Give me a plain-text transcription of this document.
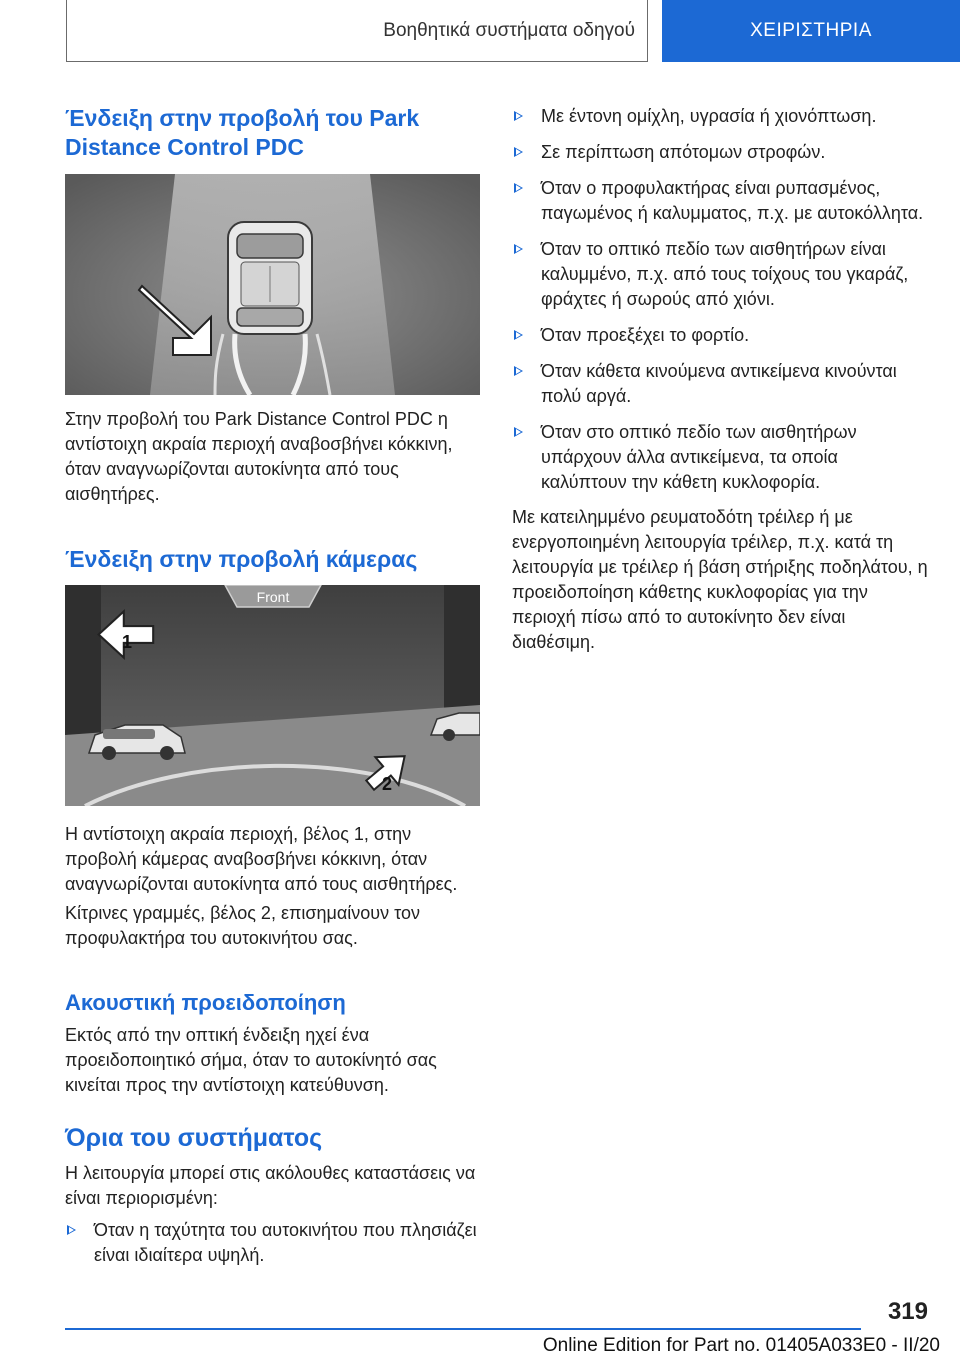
Βοηθητικά συστήματα οδηγού	ΧΕΙΡΙΣΤΗΡΙΑ
Ένδειξη στην προβολή του Park Distance Control PDC

Στην προβολή του Park Distance Control PDC η αντίστοιχη ακραία περιοχή αναβοσβήνει κόκκινη, όταν αναγνωρίζονται αυτοκίνητα από τους αισθητήρες.

Ένδειξη στην προβολή κάμερας
Front
1
2

Η αντίστοιχη ακραία περιοχή, βέλος 1, στην προβολή κάμερας αναβοσβήνει κόκκινη, όταν αναγνωρίζονται αυτοκίνητα από τους αισθητήρες.

Κίτρινες γραμμές, βέλος 2, επισημαίνουν τον προφυλακτήρα του αυτοκινήτου σας.

Ακουστική προειδοποίηση

Εκτός από την οπτική ένδειξη ηχεί ένα προειδοποιητικό σήμα, όταν το αυτοκίνητό σας κινείται προς την αντίστοιχη κατεύθυνση.

Όρια του συστήματος

Η λειτουργία μπορεί στις ακόλουθες καταστάσεις να είναι περιορισμένη:

Όταν η ταχύτητα του αυτοκινήτου που πλησιάζει είναι ιδιαίτερα υψηλή.
Με έντονη ομίχλη, υγρασία ή χιονόπτωση.
Σε περίπτωση απότομων στροφών.
Όταν ο προφυλακτήρας είναι ρυπασμένος, παγωμένος ή καλυμματος, π.χ. με αυτοκόλλητα.
Όταν το οπτικό πεδίο των αισθητήρων είναι καλυμμένο, π.χ. από τους τοίχους του γκαράζ, φράχτες ή σωρούς από χιόνι.
Όταν προεξέχει το φορτίο.
Όταν κάθετα κινούμενα αντικείμενα κινούνται πολύ αργά.
Όταν στο οπτικό πεδίο των αισθητήρων υπάρχουν άλλα αντικείμενα, τα οποία καλύπτουν την κάθετη κυκλοφορία.

Με κατειλημμένο ρευματοδότη τρέιλερ ή με ενεργοποιημένη λειτουργία τρέιλερ, π.χ. κατά τη λειτουργία με τρέιλερ ή βάση στήριξης ποδηλάτου, η προειδοποίηση κάθετης κυκλοφορίας για την περιοχή πίσω από το αυτοκίνητο δεν είναι διαθέσιμη.

319
Online Edition for Part no. 01405A033E0 - II/20
